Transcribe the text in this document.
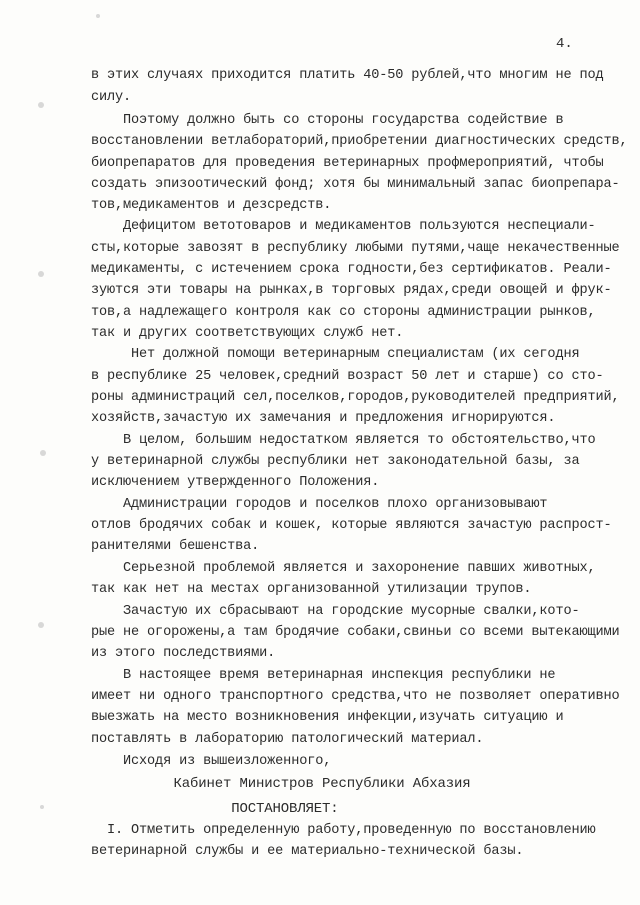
4.
в этих случаях приходится платить 40-50 рублей,что многим не под
силу.
Поэтому должно быть со стороны государства содействие в
восстановлении ветлабораторий,приобретении диагностических средств,
биопрепаратов для проведения ветеринарных профмероприятий, чтобы
создать эпизоотический фонд; хотя бы минимальный запас биопрепара-
тов,медикаментов и дезсредств.
Дефицитом ветотоваров и медикаментов пользуются неспециали-
сты,которые завозят в республику любыми путями,чаще некачественные
медикаменты, с истечением срока годности,без сертификатов. Реали-
зуются эти товары на рынках,в торговых рядах,среди овощей и фрук-
тов,а надлежащего контроля как со стороны администрации рынков,
так и других соответствующих служб нет.
Нет должной помощи ветеринарным специалистам (их сегодня
в республике 25 человек,средний возраст 50 лет и старше) со сто-
роны администраций сел,поселков,городов,руководителей предприятий,
хозяйств,зачастую их замечания и предложения игнорируются.
В целом, большим недостатком является то обстоятельство,что
у ветеринарной службы республики нет законодательной базы, за
исключением утвержденного Положения.
Администрации городов и поселков плохо организовывают
отлов бродячих собак и кошек, которые являются зачастую распрост-
ранителями бешенства.
Серьезной проблемой является и захоронение павших животных,
так как нет на местах организованной утилизации трупов.
Зачастую их сбрасывают на городские мусорные свалки,кото-
рые не огорожены,а там бродячие собаки,свиньи со всеми вытекающими
из этого последствиями.
В настоящее время ветеринарная инспекция республики не
имеет ни одного транспортного средства,что не позволяет оперативно
выезжать на место возникновения инфекции,изучать ситуацию и
поставлять в лабораторию патологический материал.
Исходя из вышеизложенного,
Кабинет Министров Республики Абхазия
ПОСТАНОВЛЯЕТ:
I. Отметить определенную работу,проведенную по восстановлению
ветеринарной службы и ее материально-технической базы.
